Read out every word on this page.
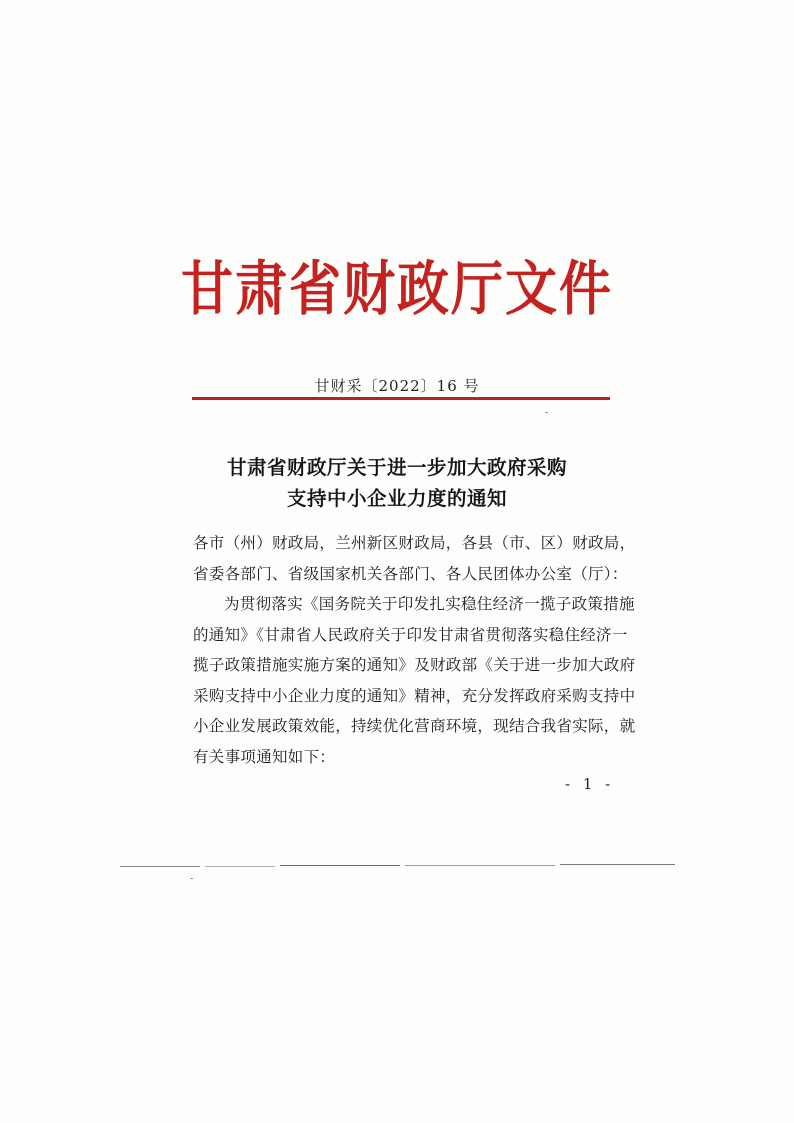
甘肃省财政厅文件
甘财采〔2022〕16 号
甘肃省财政厅关于进一步加大政府采购
支持中小企业力度的通知
各市（州）财政局，兰州新区财政局，各县（市、区）财政局，
省委各部门、省级国家机关各部门、各人民团体办公室（厅）：
为贯彻落实《国务院关于印发扎实稳住经济一揽子政策措施
的通知》《甘肃省人民政府关于印发甘肃省贯彻落实稳住经济一
揽子政策措施实施方案的通知》及财政部《关于进一步加大政府
采购支持中小企业力度的通知》精神，充分发挥政府采购支持中
小企业发展政策效能，持续优化营商环境，现结合我省实际，就
有关事项通知如下：
- 1 -
